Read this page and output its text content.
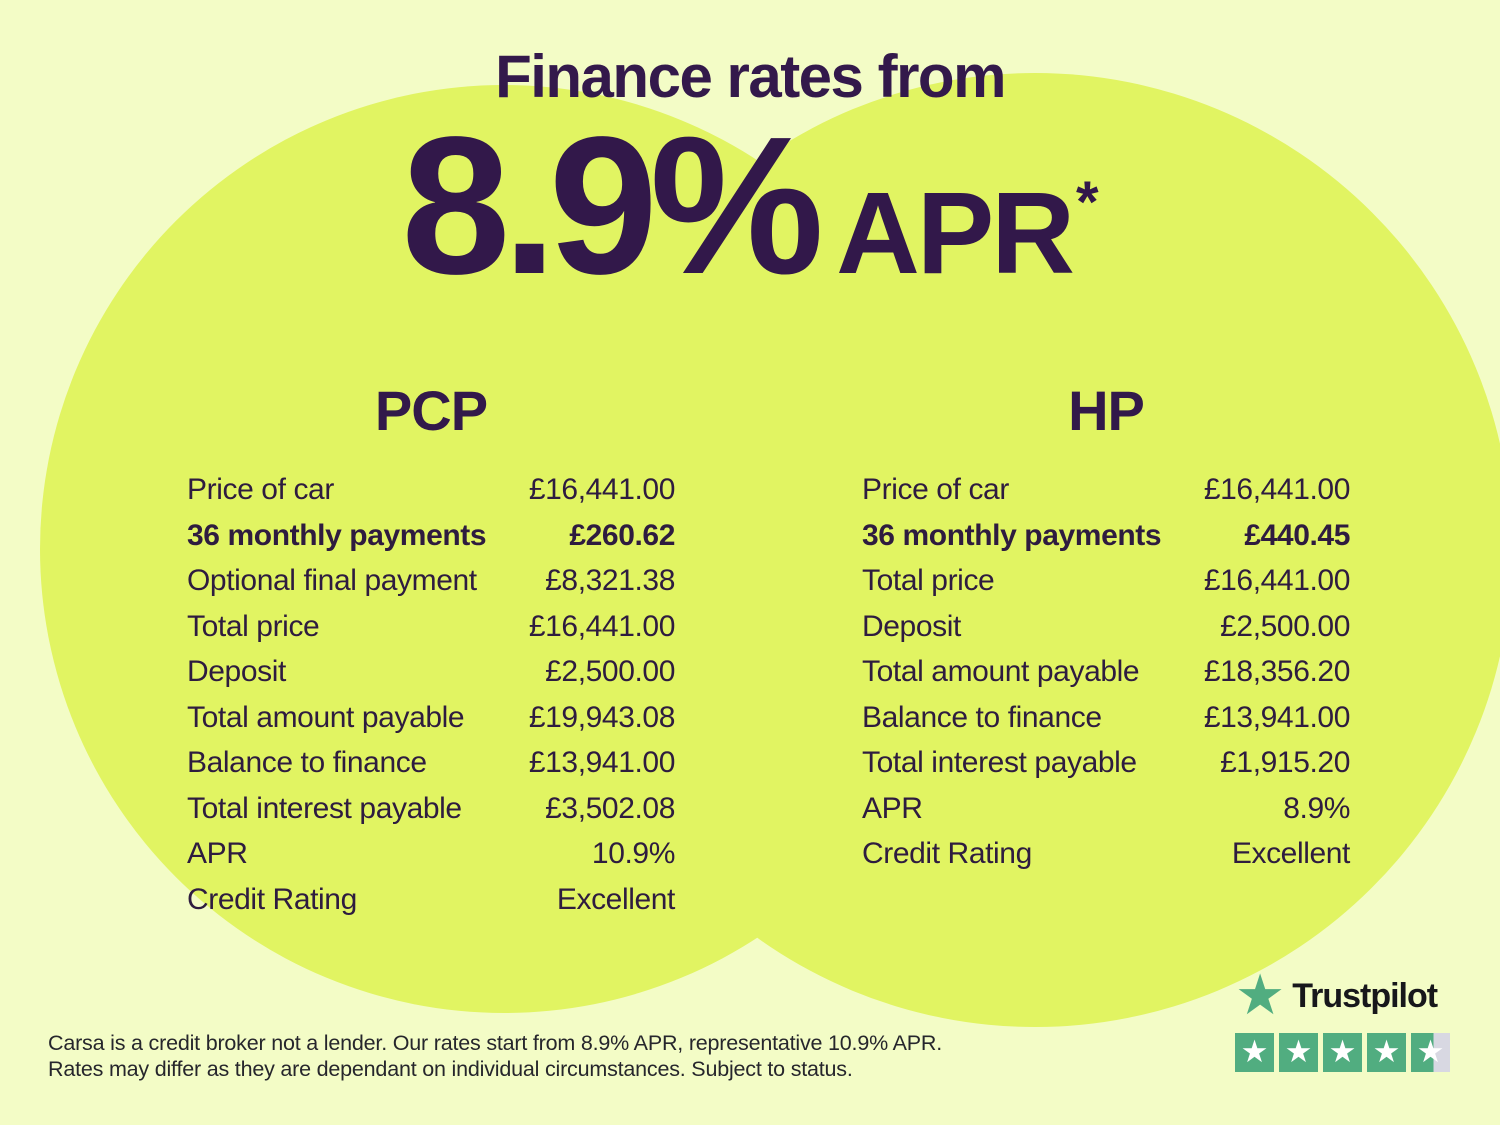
Finance rates from
8.9% APR *
PCP
Price of car	£16,441.00
36 monthly payments	£260.62
Optional final payment £8,321.38
Total price	£16,441.00
Deposit	£2,500.00
Total amount payable £19,943.08
Balance to finance	£13,941.00
Total interest payable	£3,502.08
APR	10.9%
Credit Rating	Excellent
HP
Price of car	£16,441.00
36 monthly payments	£440.45
Total price	£16,441.00
Deposit	£2,500.00
Total amount payable £18,356.20
Balance to finance	£13,941.00
Total interest payable	£1,915.20
APR	8.9%
Credit Rating	Excellent
★ Trustpilot
★ ★ ★ ★ ★
Carsa is a credit broker not a lender. Our rates start from 8.9% APR, representative 10.9% APR.
Rates may differ as they are dependant on individual circumstances. Subject to status.
